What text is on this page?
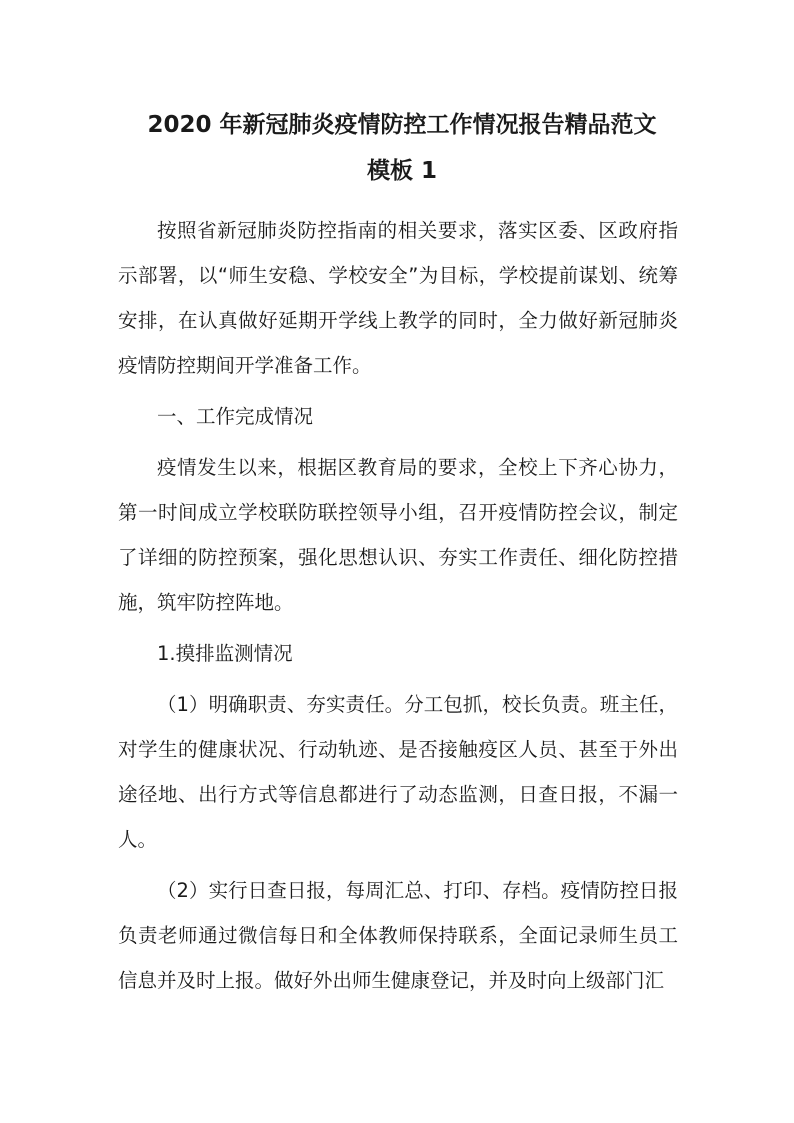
2020 年新冠肺炎疫情防控工作情况报告精品范文
模板 1

按照省新冠肺炎防控指南的相关要求，落实区委、区政府指示部署，以“师生安稳、学校安全”为目标，学校提前谋划、统筹安排，在认真做好延期开学线上教学的同时，全力做好新冠肺炎疫情防控期间开学准备工作。

一、工作完成情况

疫情发生以来，根据区教育局的要求，全校上下齐心协力，第一时间成立学校联防联控领导小组，召开疫情防控会议，制定了详细的防控预案，强化思想认识、夯实工作责任、细化防控措施，筑牢防控阵地。

1.摸排监测情况

（1）明确职责、夯实责任。分工包抓，校长负责。班主任，对学生的健康状况、行动轨迹、是否接触疫区人员、甚至于外出途径地、出行方式等信息都进行了动态监测，日查日报，不漏一人。

（2）实行日查日报，每周汇总、打印、存档。疫情防控日报负责老师通过微信每日和全体教师保持联系，全面记录师生员工信息并及时上报。做好外出师生健康登记，并及时向上级部门汇
